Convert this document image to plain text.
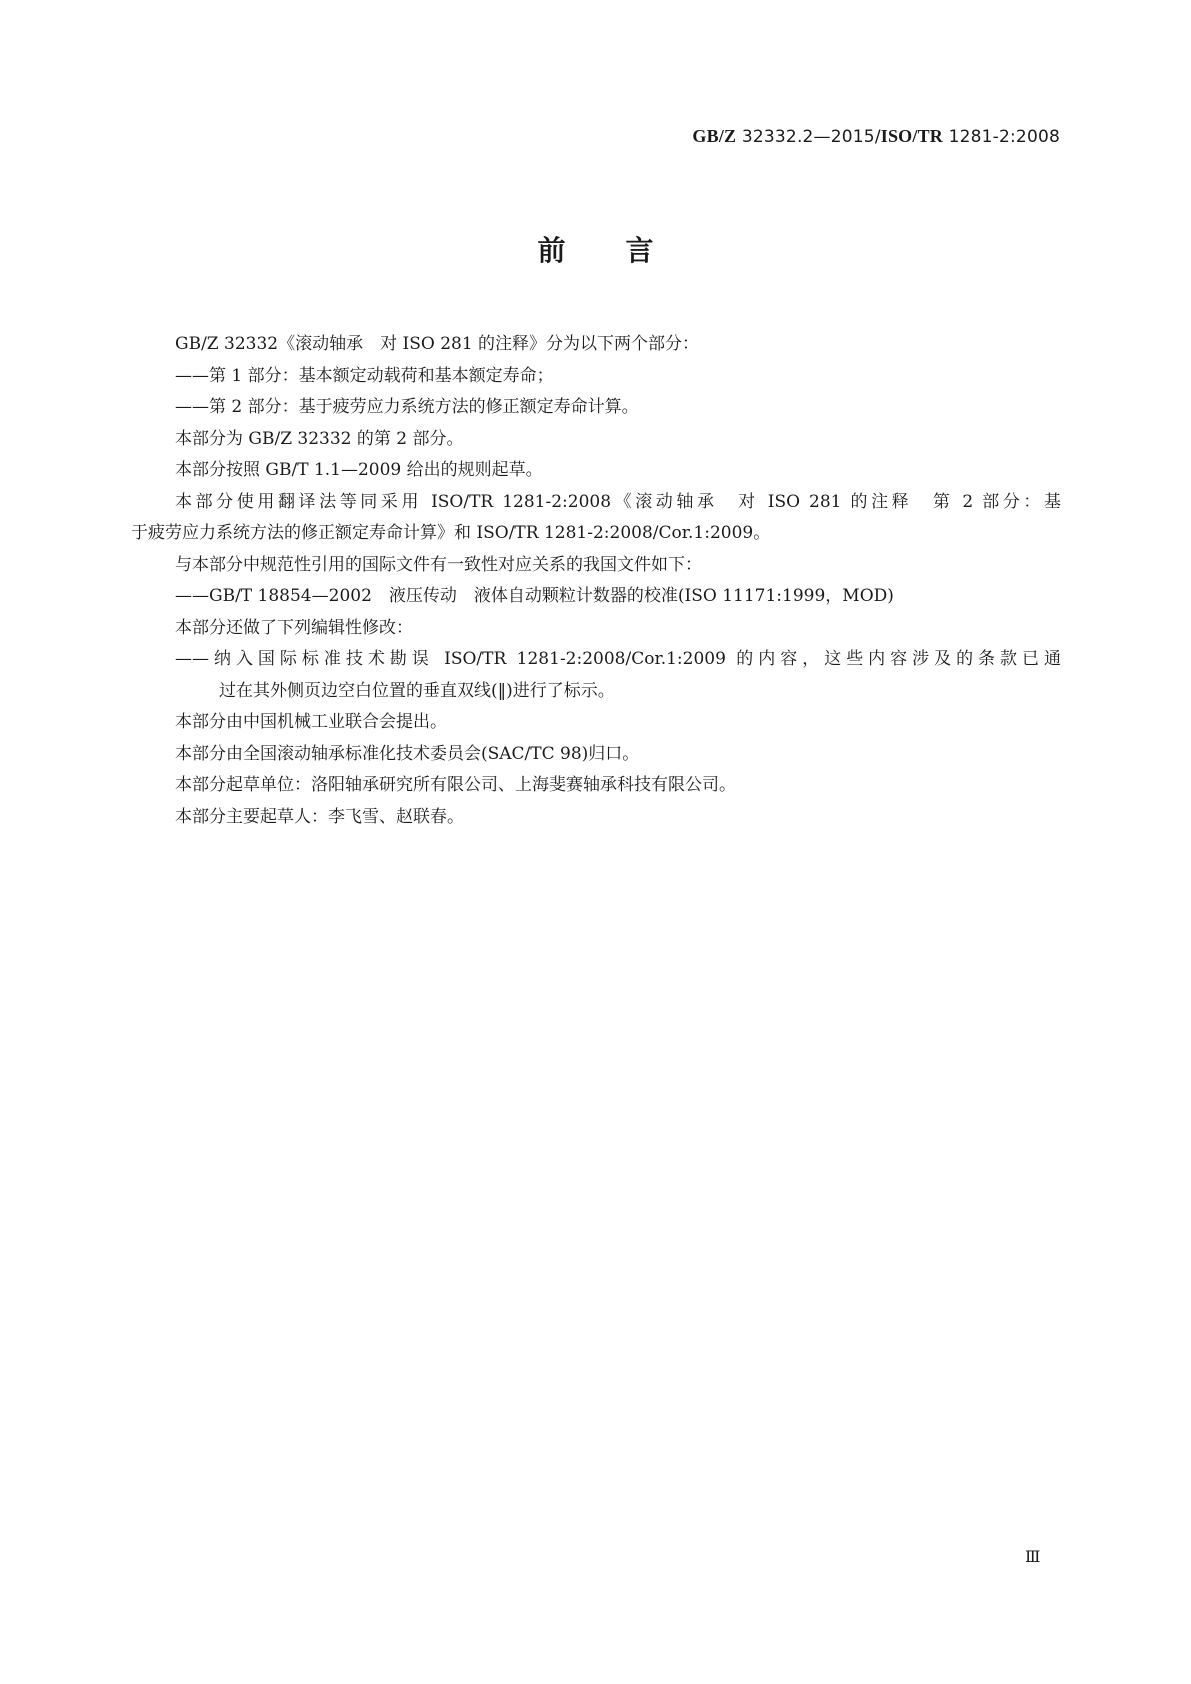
GB/Z 32332.2—2015/ISO/TR 1281-2:2008
前言
GB/Z 32332《滚动轴承　对 ISO 281 的注释》分为以下两个部分：
——第 1 部分：基本额定动载荷和基本额定寿命；
——第 2 部分：基于疲劳应力系统方法的修正额定寿命计算。
本部分为 GB/Z 32332 的第 2 部分。
本部分按照 GB/T 1.1—2009 给出的规则起草。
本部分使用翻译法等同采用 ISO/TR 1281-2:2008《滚动轴承　对 ISO 281 的注释　第 2 部分：基
于疲劳应力系统方法的修正额定寿命计算》和 ISO/TR 1281-2:2008/Cor.1:2009。
与本部分中规范性引用的国际文件有一致性对应关系的我国文件如下：
——GB/T 18854—2002　液压传动　液体自动颗粒计数器的校准(ISO 11171:1999，MOD)
本部分还做了下列编辑性修改：
——纳入国际标准技术勘误 ISO/TR 1281-2:2008/Cor.1:2009 的内容，这些内容涉及的条款已通
过在其外侧页边空白位置的垂直双线(‖)进行了标示。
本部分由中国机械工业联合会提出。
本部分由全国滚动轴承标准化技术委员会(SAC/TC 98)归口。
本部分起草单位：洛阳轴承研究所有限公司、上海斐赛轴承科技有限公司。
本部分主要起草人：李飞雪、赵联春。
Ⅲ
